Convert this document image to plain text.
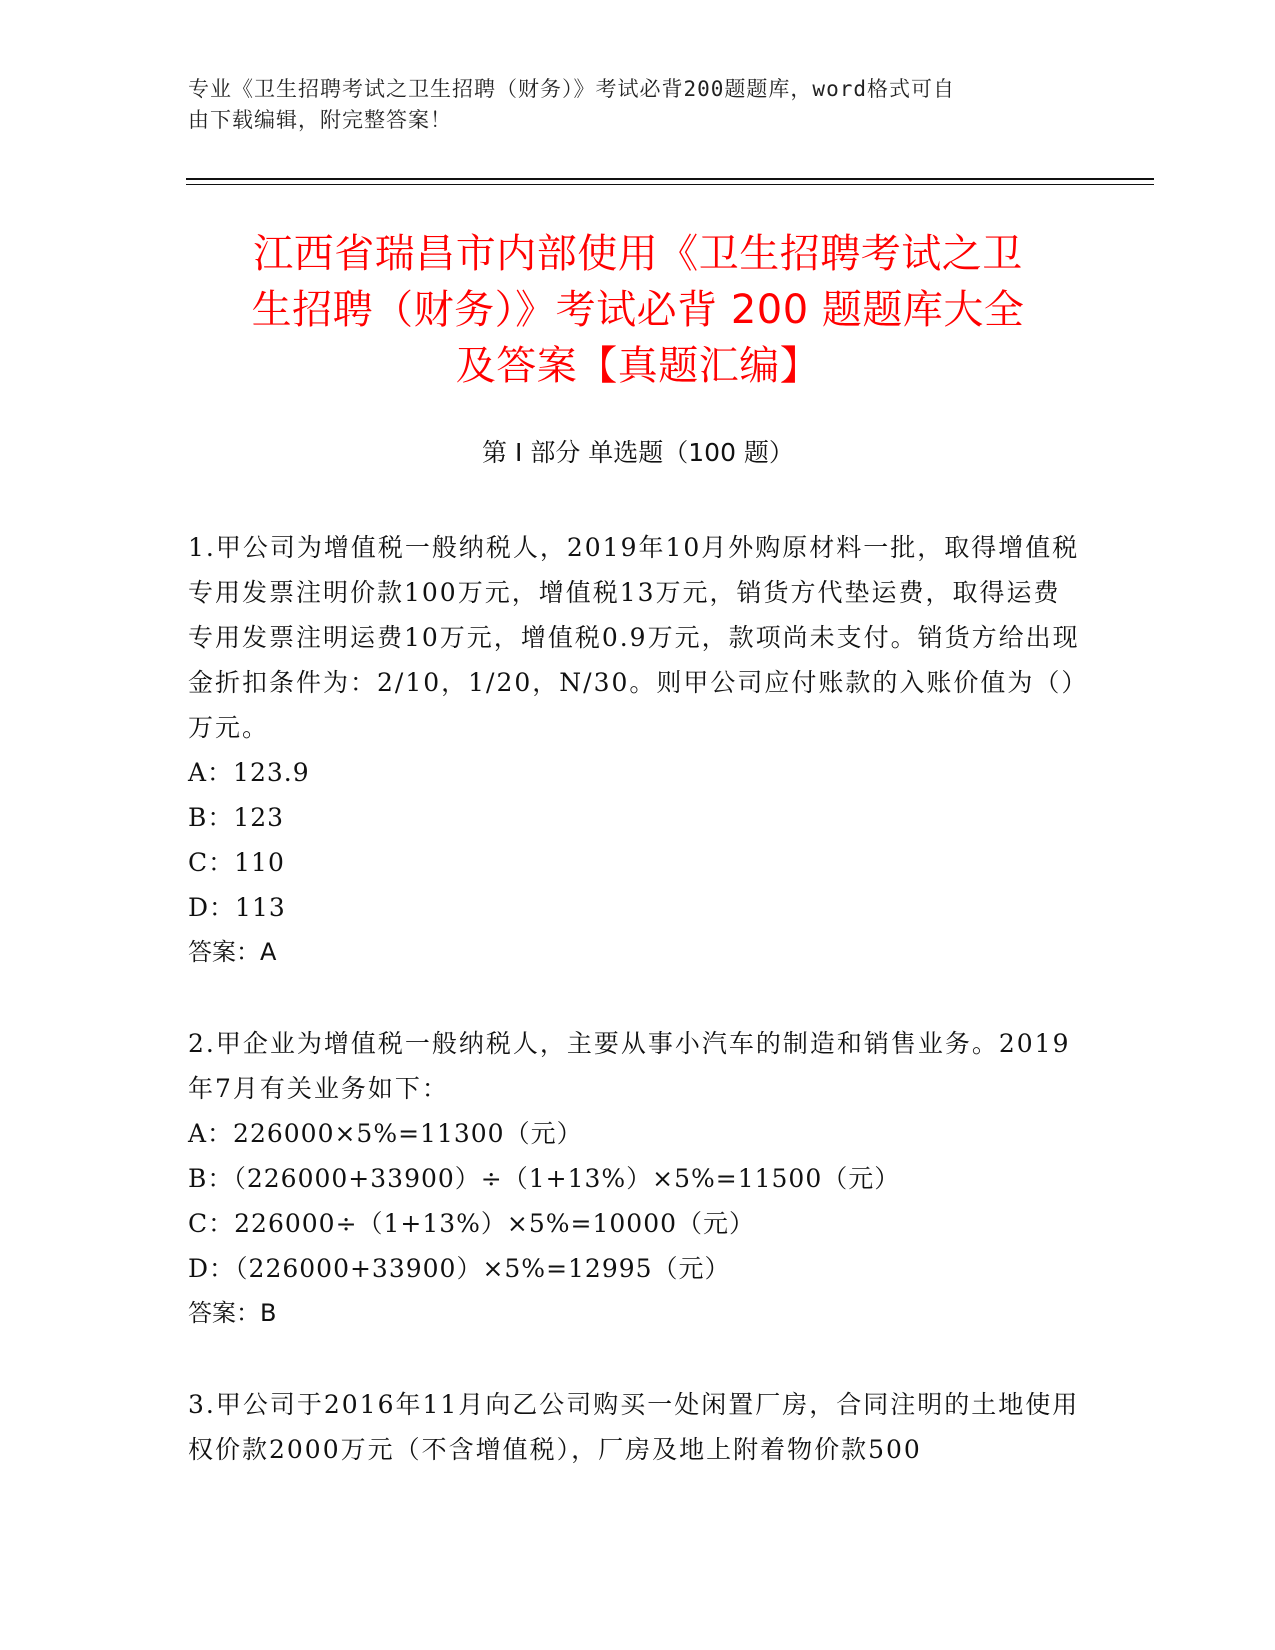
专业《卫生招聘考试之卫生招聘（财务）》考试必背200题题库，word格式可自
由下载编辑，附完整答案！
江西省瑞昌市内部使用《卫生招聘考试之卫
生招聘（财务）》考试必背 200 题题库大全
及答案【真题汇编】
第 I 部分 单选题（100 题）

1.甲公司为增值税一般纳税人，2019年10月外购原材料一批，取得增值税专用发票注明价款100万元，增值税13万元，销货方代垫运费，取得运费专用发票注明运费10万元，增值税0.9万元，款项尚未支付。销货方给出现金折扣条件为：2/10，1/20，N/30。则甲公司应付账款的入账价值为（）万元。

A：123.9

B：123

C：110

D：113

答案：A

2.甲企业为增值税一般纳税人，主要从事小汽车的制造和销售业务。2019年7月有关业务如下：

A：226000×5%=11300（元）

B：（226000+33900）÷（1+13%）×5%=11500（元）

C：226000÷（1+13%）×5%=10000（元）

D：（226000+33900）×5%=12995（元）

答案：B

3.甲公司于2016年11月向乙公司购买一处闲置厂房，合同注明的土地使用权价款2000万元（不含增值税），厂房及地上附着物价款500
